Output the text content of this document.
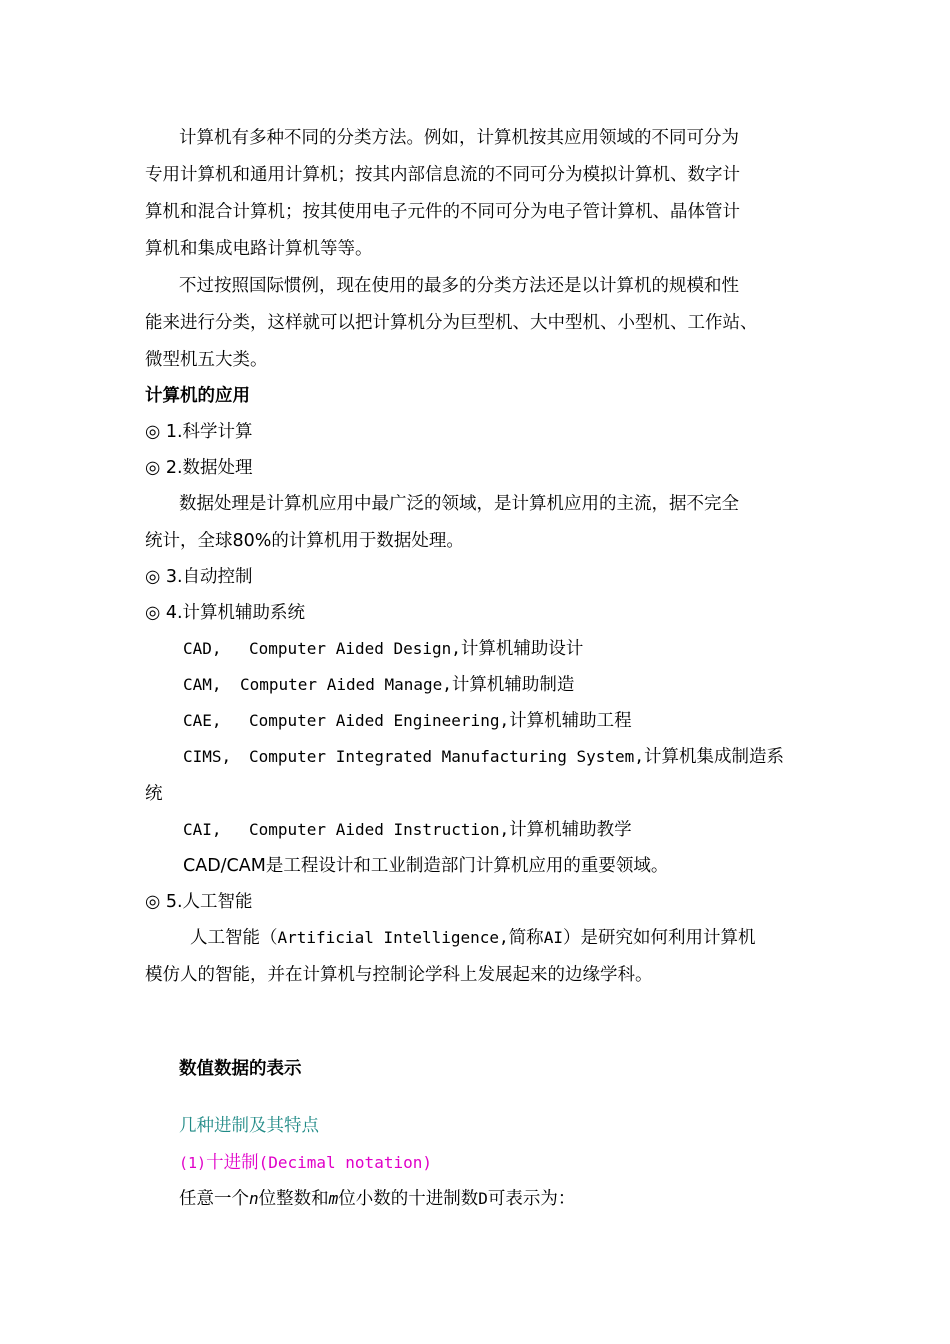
计算机有多种不同的分类方法。例如，计算机按其应用领域的不同可分为
专用计算机和通用计算机；按其内部信息流的不同可分为模拟计算机、数字计
算机和混合计算机；按其使用电子元件的不同可分为电子管计算机、晶体管计
算机和集成电路计算机等等。
不过按照国际惯例，现在使用的最多的分类方法还是以计算机的规模和性
能来进行分类，这样就可以把计算机分为巨型机、大中型机、小型机、工作站、
微型机五大类。
计算机的应用
◎ 1.科学计算
◎ 2.数据处理
数据处理是计算机应用中最广泛的领域，是计算机应用的主流，据不完全
统计，全球80%的计算机用于数据处理。
◎ 3.自动控制
◎ 4.计算机辅助系统
CAD, Computer Aided Design,计算机辅助设计
CAM, Computer Aided Manage,计算机辅助制造
CAE, Computer Aided Engineering,计算机辅助工程
CIMS, Computer Integrated Manufacturing System,计算机集成制造系
统
CAI, Computer Aided Instruction,计算机辅助教学
CAD/CAM是工程设计和工业制造部门计算机应用的重要领域。
◎ 5.人工智能
人工智能（Artificial Intelligence,简称AI）是研究如何利用计算机
模仿人的智能，并在计算机与控制论学科上发展起来的边缘学科。
数值数据的表示
几种进制及其特点
(1)十进制(Decimal notation)
任意一个n位整数和m位小数的十进制数D可表示为：
